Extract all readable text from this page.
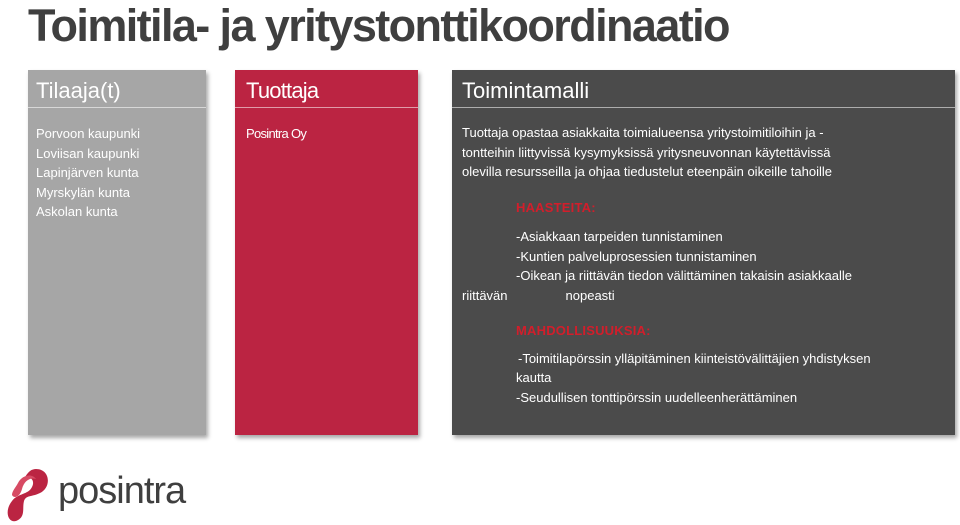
Toimitila- ja yritystonttikoordinaatio
Tilaaja(t)
Porvoon kaupunki
Loviisan kaupunki
Lapinjärven kunta
Myrskylän kunta
Askolan kunta
Tuottaja
Posintra Oy
Toimintamalli

Tuottaja opastaa asiakkaita toimialueensa yritystoimitiloihin ja -

tontteihin liittyvissä kysymyksissä yritysneuvonnan käytettävissä

olevilla resursseilla ja ohjaa tiedustelut eteenpäin oikeille tahoille

HAASTEITA:

-Asiakkaan tarpeiden tunnistaminen

-Kuntien palveluprosessien tunnistaminen

-Oikean ja riittävän tiedon välittäminen takaisin asiakkaalle

riittävän	nopeasti

MAHDOLLISUUKSIA:

-Toimitilapörssin ylläpitäminen kiinteistövälittäjien yhdistyksen

kautta

-Seudullisen tonttipörssin uudelleenherättäminen

posintra
